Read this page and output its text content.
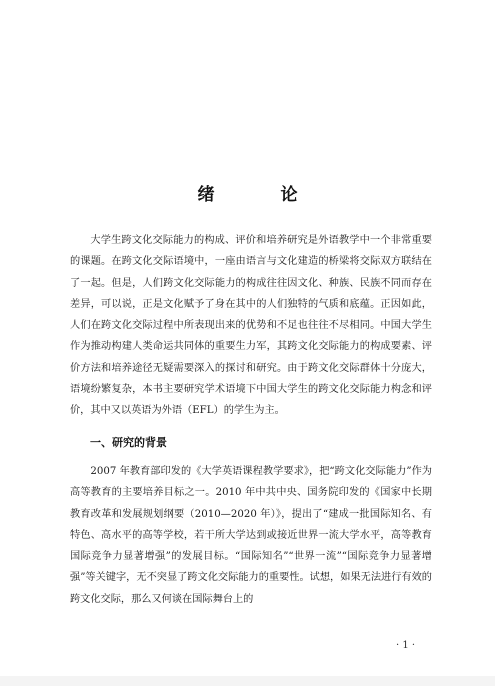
绪 论

大学生跨文化交际能力的构成、评价和培养研究是外语教学中一个非常重要的课题。在跨文化交际语境中，一座由语言与文化建造的桥梁将交际双方联结在了一起。但是，人们跨文化交际能力的构成往往因文化、种族、民族不同而存在差异，可以说，正是文化赋予了身在其中的人们独特的气质和底蕴。正因如此，人们在跨文化交际过程中所表现出来的优势和不足也往往不尽相同。中国大学生作为推动构建人类命运共同体的重要生力军，其跨文化交际能力的构成要素、评价方法和培养途径无疑需要深入的探讨和研究。由于跨文化交际群体十分庞大，语境纷繁复杂，本书主要研究学术语境下中国大学生的跨文化交际能力构念和评价，其中又以英语为外语（EFL）的学生为主。

一、研究的背景

2007 年教育部印发的《大学英语课程教学要求》，把“跨文化交际能力”作为高等教育的主要培养目标之一。2010 年中共中央、国务院印发的《国家中长期教育改革和发展规划纲要（2010—2020 年）》，提出了“建成一批国际知名、有特色、高水平的高等学校，若干所大学达到或接近世界一流大学水平，高等教育国际竞争力显著增强”的发展目标。“国际知名”“世界一流”“国际竞争力显著增强”等关键字，无不突显了跨文化交际能力的重要性。试想，如果无法进行有效的跨文化交际，那么又何谈在国际舞台上的

· 1 ·
